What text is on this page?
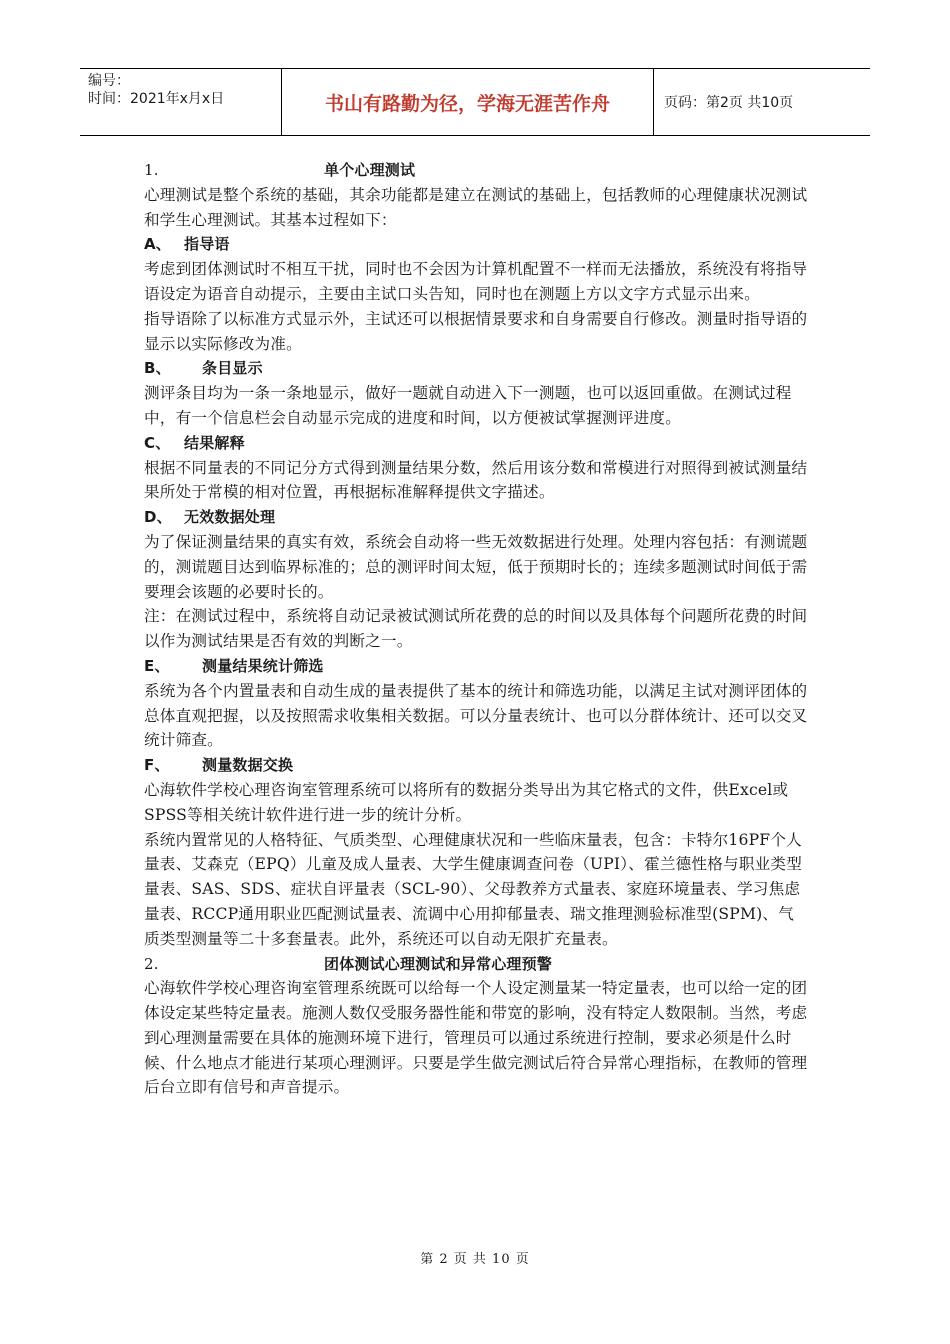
编号：
时间：2021年x月x日	书山有路勤为径，学海无涯苦作舟	页码：第2页 共10页
1.	单个心理测试

心理测试是整个系统的基础，其余功能都是建立在测试的基础上，包括教师的心理健康状况测试和学生心理测试。其基本过程如下：

A、 指导语

考虑到团体测试时不相互干扰，同时也不会因为计算机配置不一样而无法播放，系统没有将指导语设定为语音自动提示，主要由主试口头告知，同时也在测题上方以文字方式显示出来。

指导语除了以标准方式显示外，主试还可以根据情景要求和自身需要自行修改。测量时指导语的显示以实际修改为准。

B、 条目显示

测评条目均为一条一条地显示，做好一题就自动进入下一测题，也可以返回重做。在测试过程中，有一个信息栏会自动显示完成的进度和时间，以方便被试掌握测评进度。

C、 结果解释

根据不同量表的不同记分方式得到测量结果分数，然后用该分数和常模进行对照得到被试测量结果所处于常模的相对位置，再根据标准解释提供文字描述。

D、 无效数据处理

为了保证测量结果的真实有效，系统会自动将一些无效数据进行处理。处理内容包括：有测谎题的，测谎题目达到临界标准的；总的测评时间太短，低于预期时长的；连续多题测试时间低于需要理会该题的必要时长的。

注：在测试过程中，系统将自动记录被试测试所花费的总的时间以及具体每个问题所花费的时间以作为测试结果是否有效的判断之一。

E、 测量结果统计筛选

系统为各个内置量表和自动生成的量表提供了基本的统计和筛选功能，以满足主试对测评团体的总体直观把握，以及按照需求收集相关数据。可以分量表统计、也可以分群体统计、还可以交叉统计筛查。

F、 测量数据交换

心海软件学校心理咨询室管理系统可以将所有的数据分类导出为其它格式的文件，供Excel或SPSS等相关统计软件进行进一步的统计分析。

系统内置常见的人格特征、气质类型、心理健康状况和一些临床量表，包含：卡特尔16PF个人量表、艾森克（EPQ）儿童及成人量表、大学生健康调查问卷（UPI）、霍兰德性格与职业类型量表、SAS、SDS、症状自评量表（SCL-90）、父母教养方式量表、家庭环境量表、学习焦虑量表、RCCP通用职业匹配测试量表、流调中心用抑郁量表、瑞文推理测验标准型(SPM)、气质类型测量等二十多套量表。此外，系统还可以自动无限扩充量表。

2.	团体测试心理测试和异常心理预警

心海软件学校心理咨询室管理系统既可以给每一个人设定测量某一特定量表，也可以给一定的团体设定某些特定量表。施测人数仅受服务器性能和带宽的影响，没有特定人数限制。当然，考虑到心理测量需要在具体的施测环境下进行，管理员可以通过系统进行控制，要求必须是什么时候、什么地点才能进行某项心理测评。只要是学生做完测试后符合异常心理指标，在教师的管理后台立即有信号和声音提示。

第 2 页 共 10 页
